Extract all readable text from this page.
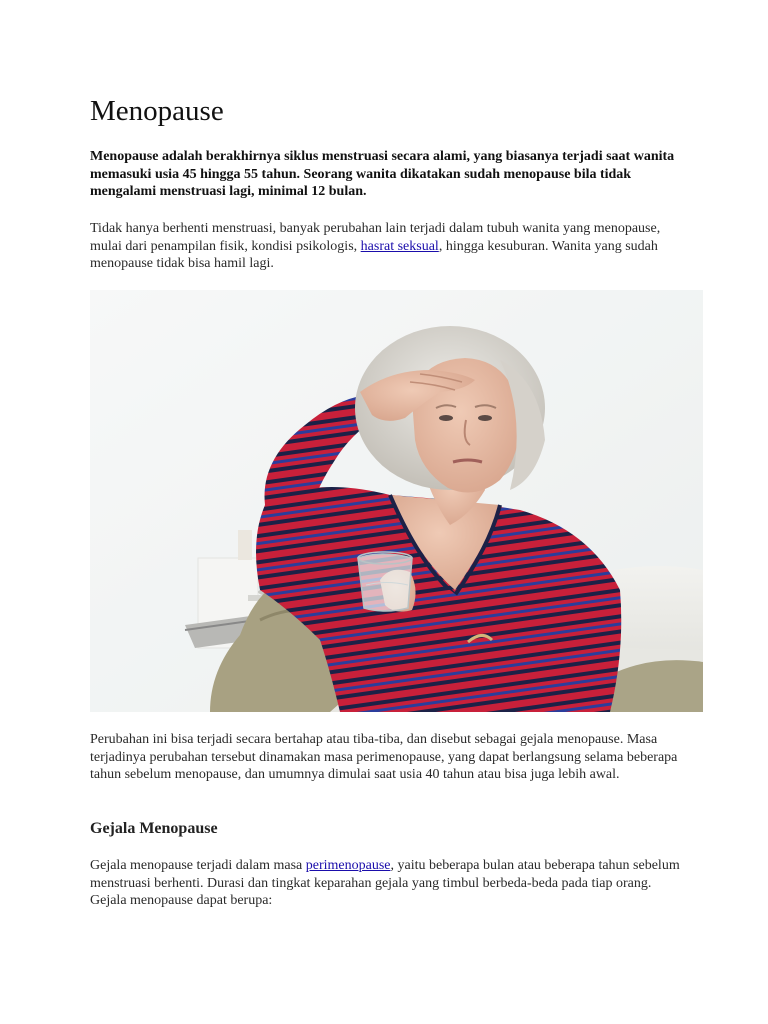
Menopause

Menopause adalah berakhirnya siklus menstruasi secara alami, yang biasanya terjadi saat wanita memasuki usia 45 hingga 55 tahun. Seorang wanita dikatakan sudah menopause bila tidak mengalami menstruasi lagi, minimal 12 bulan.

Tidak hanya berhenti menstruasi, banyak perubahan lain terjadi dalam tubuh wanita yang menopause, mulai dari penampilan fisik, kondisi psikologis, hasrat seksual, hingga kesuburan. Wanita yang sudah menopause tidak bisa hamil lagi.

Perubahan ini bisa terjadi secara bertahap atau tiba-tiba, dan disebut sebagai gejala menopause. Masa terjadinya perubahan tersebut dinamakan masa perimenopause, yang dapat berlangsung selama beberapa tahun sebelum menopause, dan umumnya dimulai saat usia 40 tahun atau bisa juga lebih awal.

Gejala Menopause

Gejala menopause terjadi dalam masa perimenopause, yaitu beberapa bulan atau beberapa tahun sebelum menstruasi berhenti. Durasi dan tingkat keparahan gejala yang timbul berbeda-beda pada tiap orang. Gejala menopause dapat berupa:
